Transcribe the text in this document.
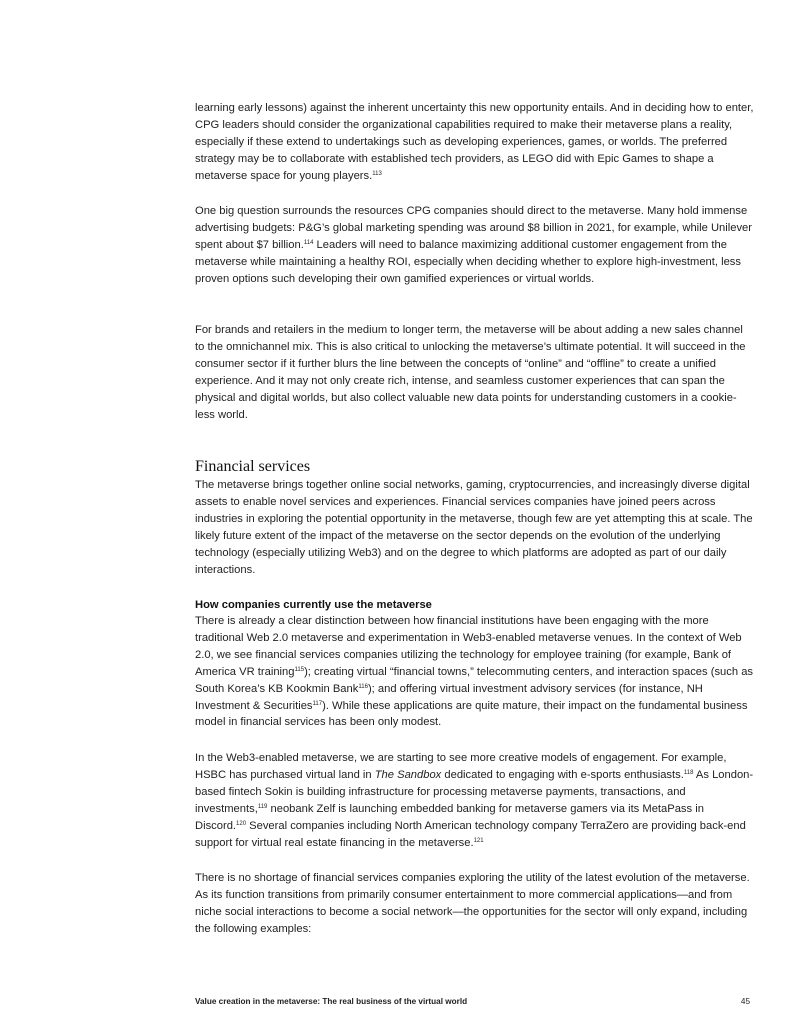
learning early lessons) against the inherent uncertainty this new opportunity entails. And in deciding how to enter, CPG leaders should consider the organizational capabilities required to make their metaverse plans a reality, especially if these extend to undertakings such as developing experiences, games, or worlds. The preferred strategy may be to collaborate with established tech providers, as LEGO did with Epic Games to shape a metaverse space for young players.$^{113}$

One big question surrounds the resources CPG companies should direct to the metaverse. Many hold immense advertising budgets: P&G’s global marketing spending was around $8 billion in 2021, for example, while Unilever spent about $7 billion.$^{114}$ Leaders will need to balance maximizing additional customer engagement from the metaverse while maintaining a healthy ROI, especially when deciding whether to explore high-investment, less proven options such developing their own gamified experiences or virtual worlds.

For brands and retailers in the medium to longer term, the metaverse will be about adding a new sales channel to the omnichannel mix. This is also critical to unlocking the metaverse’s ultimate potential. It will succeed in the consumer sector if it further blurs the line between the concepts of “online” and “offline” to create a unified experience. And it may not only create rich, intense, and seamless customer experiences that can span the physical and digital worlds, but also collect valuable new data points for understanding customers in a cookie-less world.

Financial services

The metaverse brings together online social networks, gaming, cryptocurrencies, and increasingly diverse digital assets to enable novel services and experiences. Financial services companies have joined peers across industries in exploring the potential opportunity in the metaverse, though few are yet attempting this at scale. The likely future extent of the impact of the metaverse on the sector depends on the evolution of the underlying technology (especially utilizing Web3) and on the degree to which platforms are adopted as part of our daily interactions.

How companies currently use the metaverse

There is already a clear distinction between how financial institutions have been engaging with the more traditional Web 2.0 metaverse and experimentation in Web3-enabled metaverse venues. In the context of Web 2.0, we see financial services companies utilizing the technology for employee training (for example, Bank of America VR training$^{115}$); creating virtual “financial towns,” telecommuting centers, and interaction spaces (such as South Korea’s KB Kookmin Bank$^{116}$); and offering virtual investment advisory services (for instance, NH Investment & Securities$^{117}$). While these applications are quite mature, their impact on the fundamental business model in financial services has been only modest.

In the Web3-enabled metaverse, we are starting to see more creative models of engagement. For example, HSBC has purchased virtual land in The Sandbox dedicated to engaging with e-sports enthusiasts.$^{118}$ As London-based fintech Sokin is building infrastructure for processing metaverse payments, transactions, and investments,$^{119}$ neobank Zelf is launching embedded banking for metaverse gamers via its MetaPass in Discord.$^{120}$ Several companies including North American technology company TerraZero are providing back-end support for virtual real estate financing in the metaverse.$^{121}$

There is no shortage of financial services companies exploring the utility of the latest evolution of the metaverse. As its function transitions from primarily consumer entertainment to more commercial applications—and from niche social interactions to become a social network—the opportunities for the sector will only expand, including the following examples:

Value creation in the metaverse: The real business of the virtual world	45
